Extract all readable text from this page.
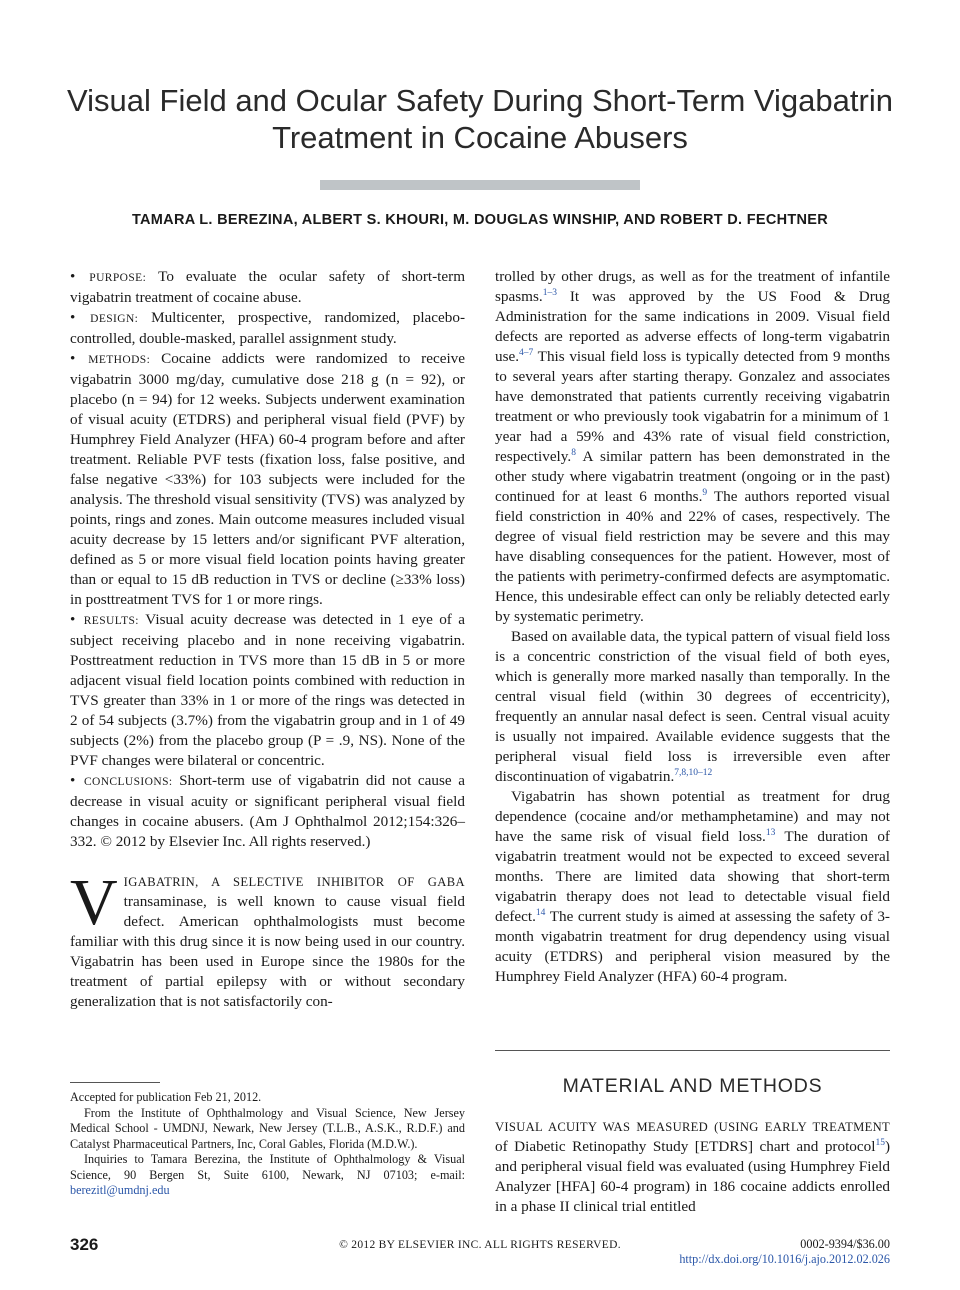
Visual Field and Ocular Safety During Short-Term Vigabatrin Treatment in Cocaine Abusers
TAMARA L. BEREZINA, ALBERT S. KHOURI, M. DOUGLAS WINSHIP, AND ROBERT D. FECHTNER

• PURPOSE: To evaluate the ocular safety of short-term vigabatrin treatment of cocaine abuse.

• DESIGN: Multicenter, prospective, randomized, placebo-controlled, double-masked, parallel assignment study.

• METHODS: Cocaine addicts were randomized to receive vigabatrin 3000 mg/day, cumulative dose 218 g (n = 92), or placebo (n = 94) for 12 weeks. Subjects underwent examination of visual acuity (ETDRS) and peripheral visual field (PVF) by Humphrey Field Analyzer (HFA) 60-4 program before and after treatment. Reliable PVF tests (fixation loss, false positive, and false negative <33%) for 103 subjects were included for the analysis. The threshold visual sensitivity (TVS) was analyzed by points, rings and zones. Main outcome measures included visual acuity decrease by 15 letters and/or significant PVF alteration, defined as 5 or more visual field location points having greater than or equal to 15 dB reduction in TVS or decline (≥33% loss) in posttreatment TVS for 1 or more rings.

• RESULTS: Visual acuity decrease was detected in 1 eye of a subject receiving placebo and in none receiving vigabatrin. Posttreatment reduction in TVS more than 15 dB in 5 or more adjacent visual field location points combined with reduction in TVS greater than 33% in 1 or more of the rings was detected in 2 of 54 subjects (3.7%) from the vigabatrin group and in 1 of 49 subjects (2%) from the placebo group (P = .9, NS). None of the PVF changes were bilateral or concentric.

• CONCLUSIONS: Short-term use of vigabatrin did not cause a decrease in visual acuity or significant peripheral visual field changes in cocaine abusers. (Am J Ophthalmol 2012;154:326–332. © 2012 by Elsevier Inc. All rights reserved.)

VIGABATRIN, A SELECTIVE INHIBITOR OF GABA transaminase, is well known to cause visual field defect. American ophthalmologists must become familiar with this drug since it is now being used in our country. Vigabatrin has been used in Europe since the 1980s for the treatment of partial epilepsy with or without secondary generalization that is not satisfactorily con-

Accepted for publication Feb 21, 2012.

From the Institute of Ophthalmology and Visual Science, New Jersey Medical School - UMDNJ, Newark, New Jersey (T.L.B., A.S.K., R.D.F.) and Catalyst Pharmaceutical Partners, Inc, Coral Gables, Florida (M.D.W.).

Inquiries to Tamara Berezina, the Institute of Ophthalmology & Visual Science, 90 Bergen St, Suite 6100, Newark, NJ 07103; e-mail: berezitl@umdnj.edu

trolled by other drugs, as well as for the treatment of infantile spasms.$^{1-3}$ It was approved by the US Food & Drug Administration for the same indications in 2009. Visual field defects are reported as adverse effects of long-term vigabatrin use.$^{4-7}$ This visual field loss is typically detected from 9 months to several years after starting therapy. Gonzalez and associates have demonstrated that patients currently receiving vigabatrin treatment or who previously took vigabatrin for a minimum of 1 year had a 59% and 43% rate of visual field constriction, respectively.$^8$ A similar pattern has been demonstrated in the other study where vigabatrin treatment (ongoing or in the past) continued for at least 6 months.$^9$ The authors reported visual field constriction in 40% and 22% of cases, respectively. The degree of visual field restriction may be severe and this may have disabling consequences for the patient. However, most of the patients with perimetry-confirmed defects are asymptomatic. Hence, this undesirable effect can only be reliably detected early by systematic perimetry.

Based on available data, the typical pattern of visual field loss is a concentric constriction of the visual field of both eyes, which is generally more marked nasally than temporally. In the central visual field (within 30 degrees of eccentricity), frequently an annular nasal defect is seen. Central visual acuity is usually not impaired. Available evidence suggests that the peripheral visual field loss is irreversible even after discontinuation of vigabatrin.$^{7,8,10-12}$

Vigabatrin has shown potential as treatment for drug dependence (cocaine and/or methamphetamine) and may not have the same risk of visual field loss.$^{13}$ The duration of vigabatrin treatment would not be expected to exceed several months. There are limited data showing that short-term vigabatrin therapy does not lead to detectable visual field defect.$^{14}$ The current study is aimed at assessing the safety of 3-month vigabatrin treatment for drug dependency using visual acuity (ETDRS) and peripheral vision measured by the Humphrey Field Analyzer (HFA) 60-4 program.

MATERIAL AND METHODS
VISUAL ACUITY WAS MEASURED (USING EARLY TREATMENT of Diabetic Retinopathy Study [ETDRS] chart and protocol$^{15}$) and peripheral visual field was evaluated (using Humphrey Field Analyzer [HFA] 60-4 program) in 186 cocaine addicts enrolled in a phase II clinical trial entitled
326	© 2012 BY ELSEVIER INC. ALL RIGHTS RESERVED.	0002-9394/$36.00
http://dx.doi.org/10.1016/j.ajo.2012.02.026
